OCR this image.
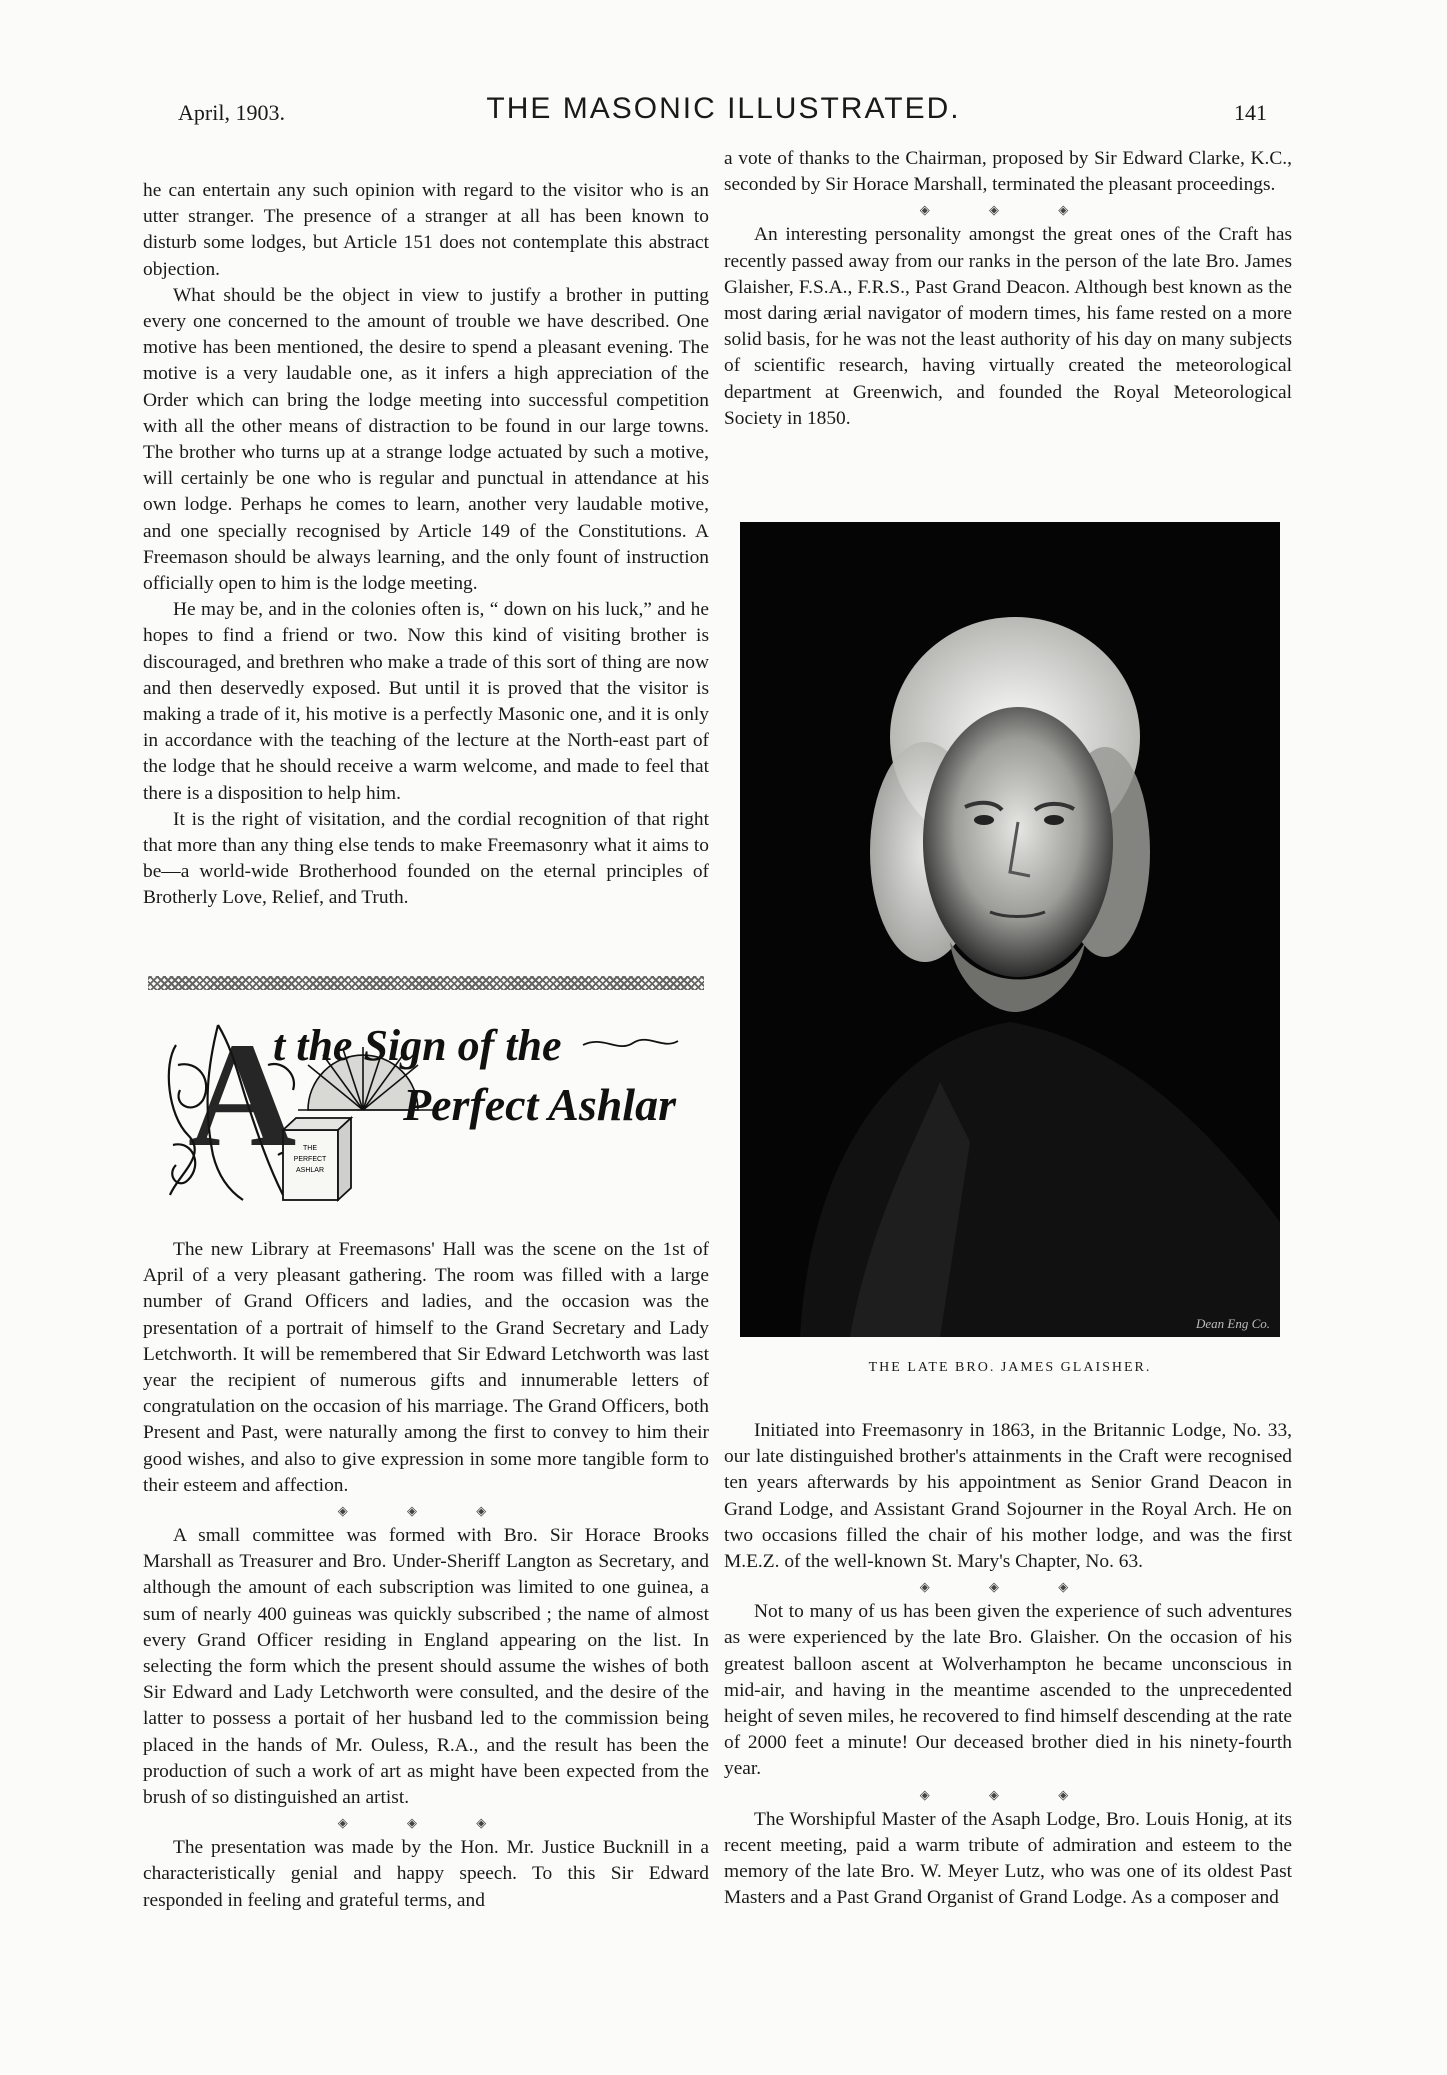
April, 1903.	THE MASONIC ILLUSTRATED.	141

he can entertain any such opinion with regard to the visitor who is an utter stranger. The presence of a stranger at all has been known to disturb some lodges, but Article 151 does not contemplate this abstract objection.

What should be the object in view to justify a brother in putting every one concerned to the amount of trouble we have described. One motive has been mentioned, the desire to spend a pleasant evening. The motive is a very laudable one, as it infers a high appreciation of the Order which can bring the lodge meeting into successful competition with all the other means of distraction to be found in our large towns. The brother who turns up at a strange lodge actuated by such a motive, will certainly be one who is regular and punctual in attendance at his own lodge. Perhaps he comes to learn, another very laudable motive, and one specially recognised by Article 149 of the Constitutions. A Freemason should be always learning, and the only fount of instruction officially open to him is the lodge meeting.

He may be, and in the colonies often is, “ down on his luck,” and he hopes to find a friend or two. Now this kind of visiting brother is discouraged, and brethren who make a trade of this sort of thing are now and then deservedly exposed. But until it is proved that the visitor is making a trade of it, his motive is a perfectly Masonic one, and it is only in accordance with the teaching of the lecture at the North-east part of the lodge that he should receive a warm welcome, and made to feel that there is a disposition to help him.

It is the right of visitation, and the cordial recognition of that right that more than any thing else tends to make Freemasonry what it aims to be—a world-wide Brotherhood founded on the eternal principles of Brotherly Love, Relief, and Truth.

THE
PERFECT
ASHLAR
A
t the Sign of the
Perfect Ashlar

The new Library at Freemasons' Hall was the scene on the 1st of April of a very pleasant gathering. The room was filled with a large number of Grand Officers and ladies, and the occasion was the presentation of a portrait of himself to the Grand Secretary and Lady Letchworth. It will be remembered that Sir Edward Letchworth was last year the recipient of numerous gifts and innumerable letters of congratulation on the occasion of his marriage. The Grand Officers, both Present and Past, were naturally among the first to convey to him their good wishes, and also to give expression in some more tangible form to their esteem and affection.

◈ ◈ ◈

A small committee was formed with Bro. Sir Horace Brooks Marshall as Treasurer and Bro. Under-Sheriff Langton as Secretary, and although the amount of each subscription was limited to one guinea, a sum of nearly 400 guineas was quickly subscribed ; the name of almost every Grand Officer residing in England appearing on the list. In selecting the form which the present should assume the wishes of both Sir Edward and Lady Letchworth were consulted, and the desire of the latter to possess a portait of her husband led to the commission being placed in the hands of Mr. Ouless, R.A., and the result has been the production of such a work of art as might have been expected from the brush of so distinguished an artist.

◈ ◈ ◈

The presentation was made by the Hon. Mr. Justice Bucknill in a characteristically genial and happy speech. To this Sir Edward responded in feeling and grateful terms, and

a vote of thanks to the Chairman, proposed by Sir Edward Clarke, K.C., seconded by Sir Horace Marshall, terminated the pleasant proceedings.

◈ ◈ ◈

An interesting personality amongst the great ones of the Craft has recently passed away from our ranks in the person of the late Bro. James Glaisher, F.S.A., F.R.S., Past Grand Deacon. Although best known as the most daring ærial navigator of modern times, his fame rested on a more solid basis, for he was not the least authority of his day on many subjects of scientific research, having virtually created the meteorological department at Greenwich, and founded the Royal Meteorological Society in 1850.

Dean Eng Co.
THE LATE BRO. JAMES GLAISHER.

Initiated into Freemasonry in 1863, in the Britannic Lodge, No. 33, our late distinguished brother's attainments in the Craft were recognised ten years afterwards by his appointment as Senior Grand Deacon in Grand Lodge, and Assistant Grand Sojourner in the Royal Arch. He on two occasions filled the chair of his mother lodge, and was the first M.E.Z. of the well-known St. Mary's Chapter, No. 63.

◈ ◈ ◈

Not to many of us has been given the experience of such adventures as were experienced by the late Bro. Glaisher. On the occasion of his greatest balloon ascent at Wolverhampton he became unconscious in mid-air, and having in the meantime ascended to the unprecedented height of seven miles, he recovered to find himself descending at the rate of 2000 feet a minute! Our deceased brother died in his ninety-fourth year.

◈ ◈ ◈

The Worshipful Master of the Asaph Lodge, Bro. Louis Honig, at its recent meeting, paid a warm tribute of admiration and esteem to the memory of the late Bro. W. Meyer Lutz, who was one of its oldest Past Masters and a Past Grand Organist of Grand Lodge. As a composer and
